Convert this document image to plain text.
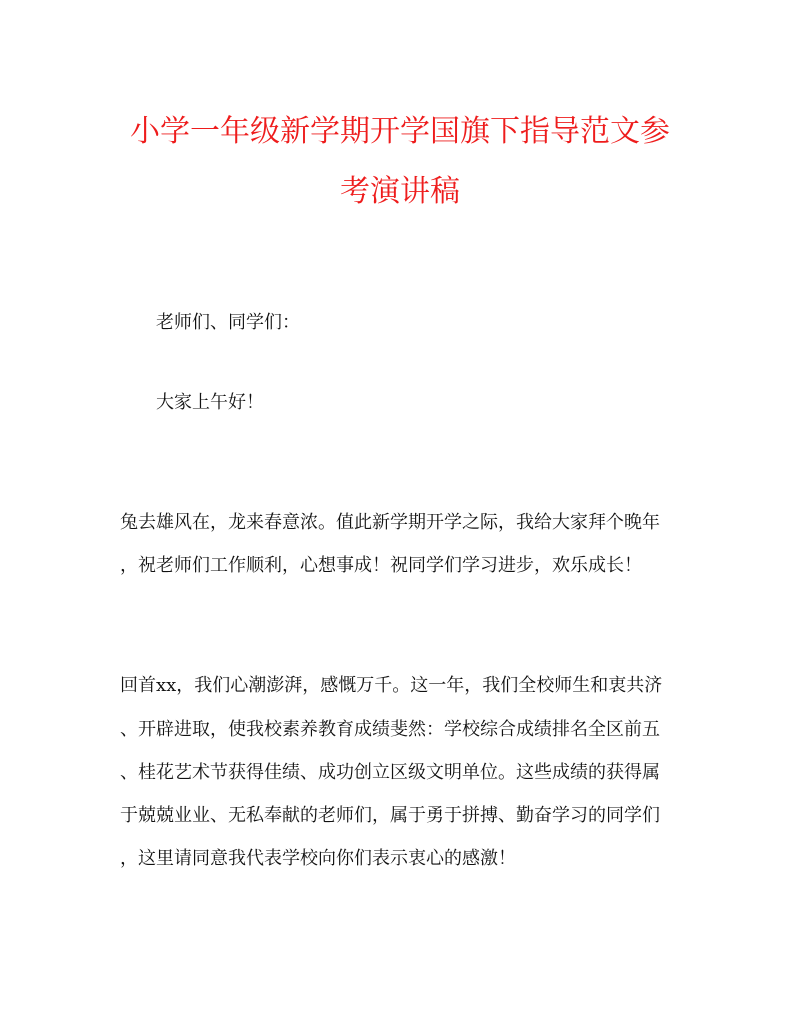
小学一年级新学期开学国旗下指导范文参
考演讲稿
老师们、同学们：
大家上午好！
兔去雄风在，龙来春意浓。值此新学期开学之际，我给大家拜个晚年
，祝老师们工作顺利，心想事成！祝同学们学习进步，欢乐成长！
回首xx，我们心潮澎湃，感慨万千。这一年，我们全校师生和衷共济
、开辟进取，使我校素养教育成绩斐然：学校综合成绩排名全区前五
、桂花艺术节获得佳绩、成功创立区级文明单位。这些成绩的获得属
于兢兢业业、无私奉献的老师们，属于勇于拼搏、勤奋学习的同学们
，这里请同意我代表学校向你们表示衷心的感激！
